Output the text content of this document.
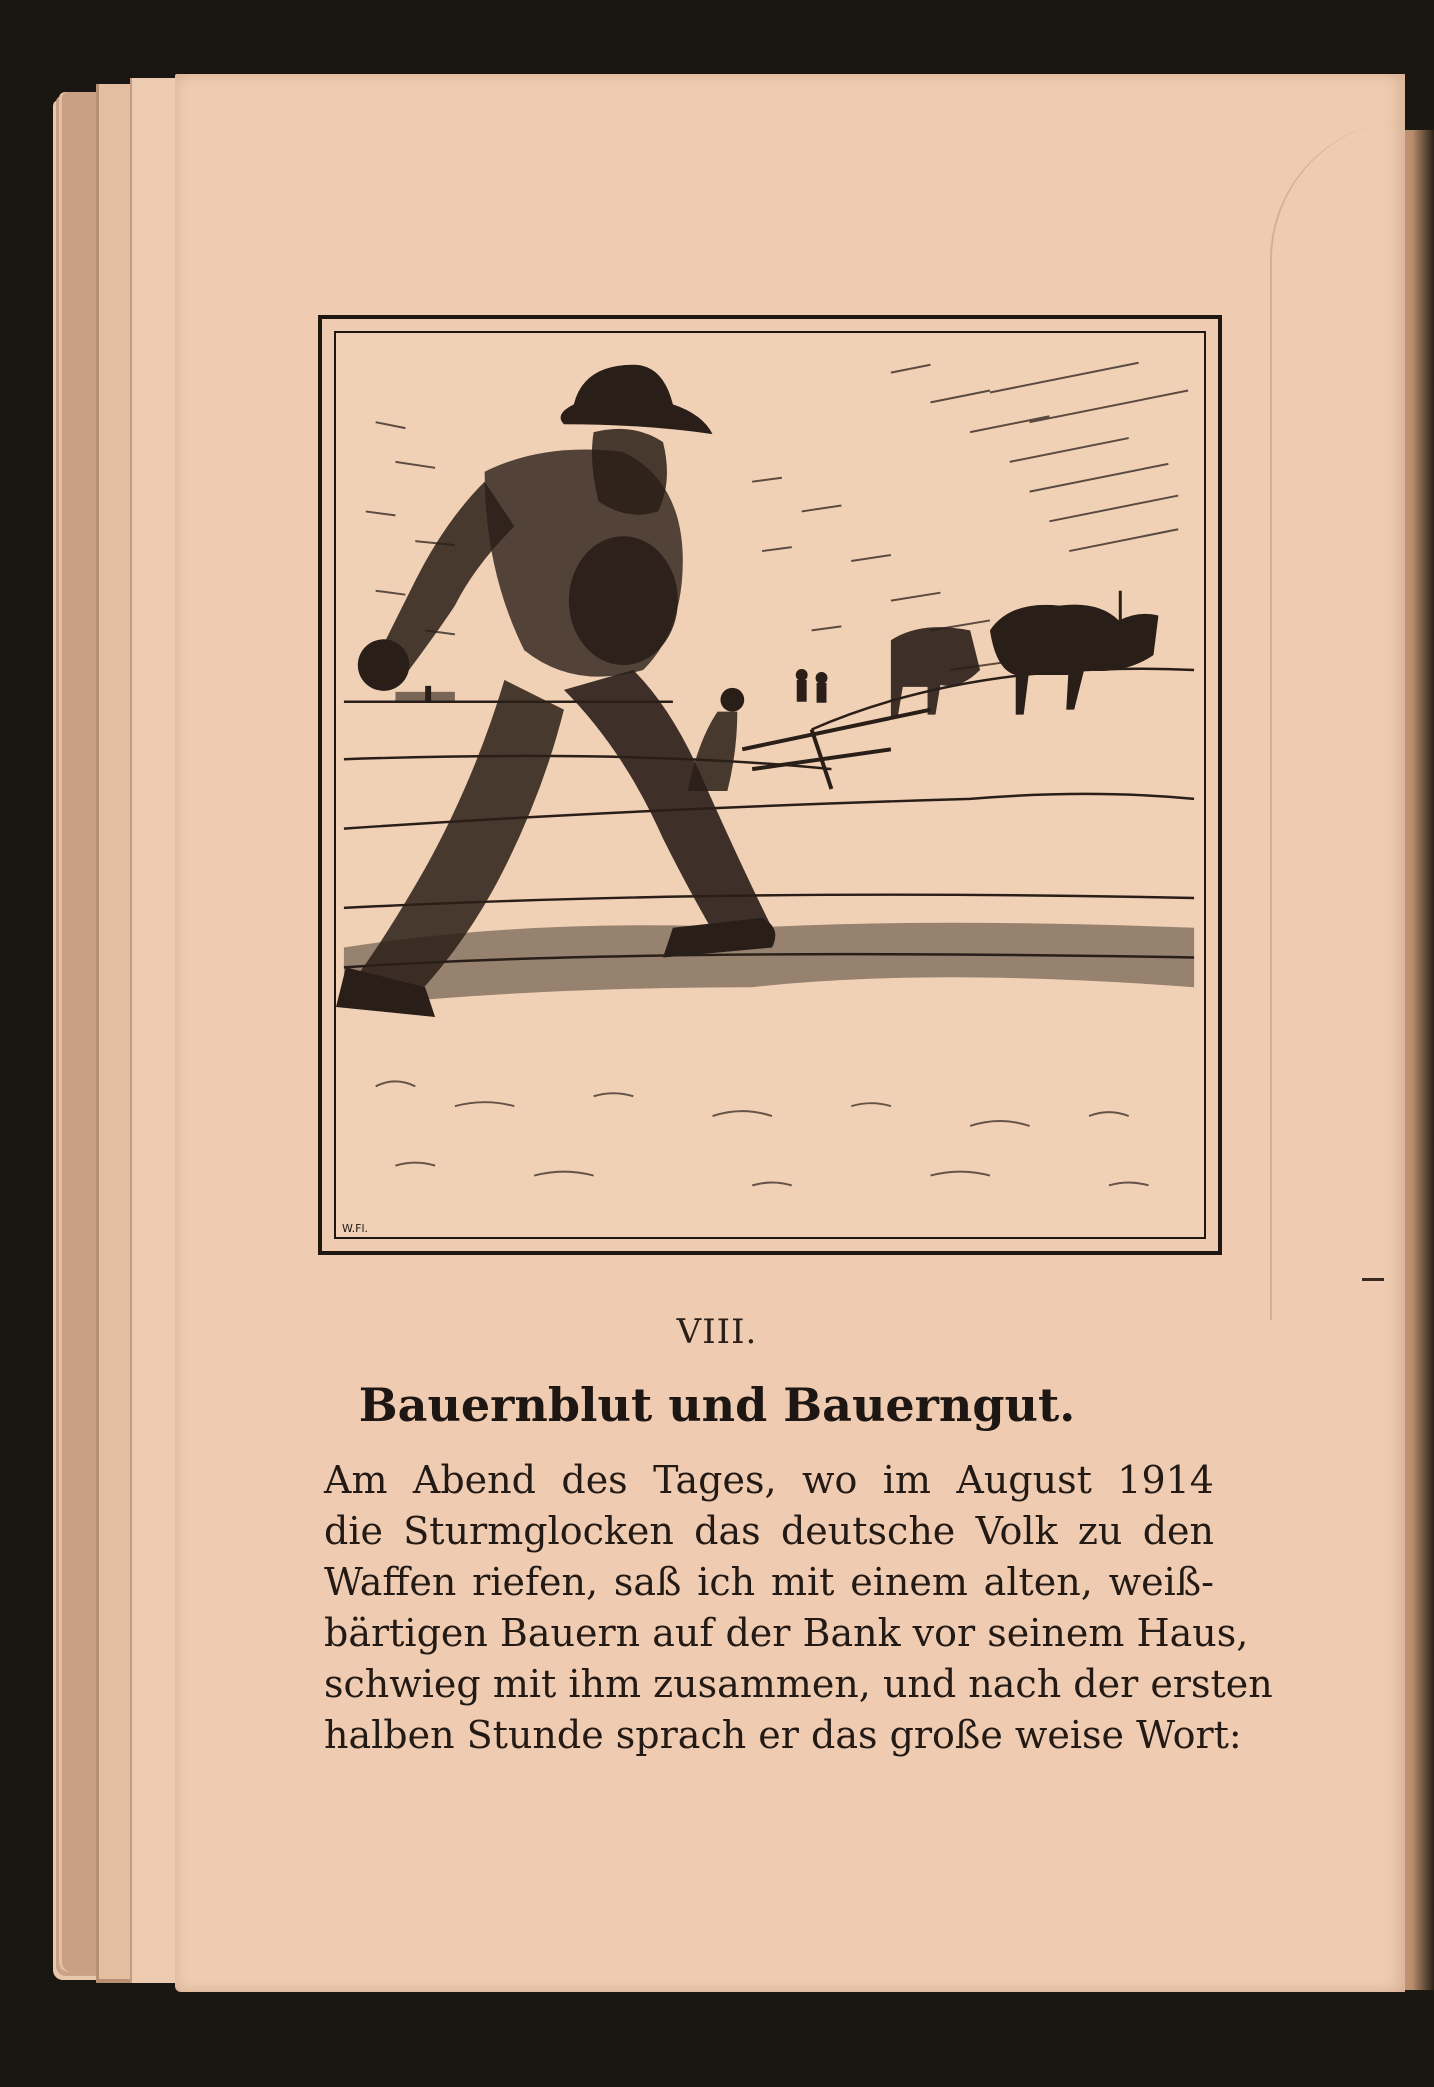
W.Fl.
VIII.
Bauernblut und Bauerngut.
Am Abend des Tages, wo im August 1914
die Sturmglocken das deutsche Volk zu den
Waffen riefen, saß ich mit einem alten, weiß-
bärtigen Bauern auf der Bank vor seinem Haus,
schwieg mit ihm zusammen, und nach der ersten
halben Stunde sprach er das große weise Wort:
